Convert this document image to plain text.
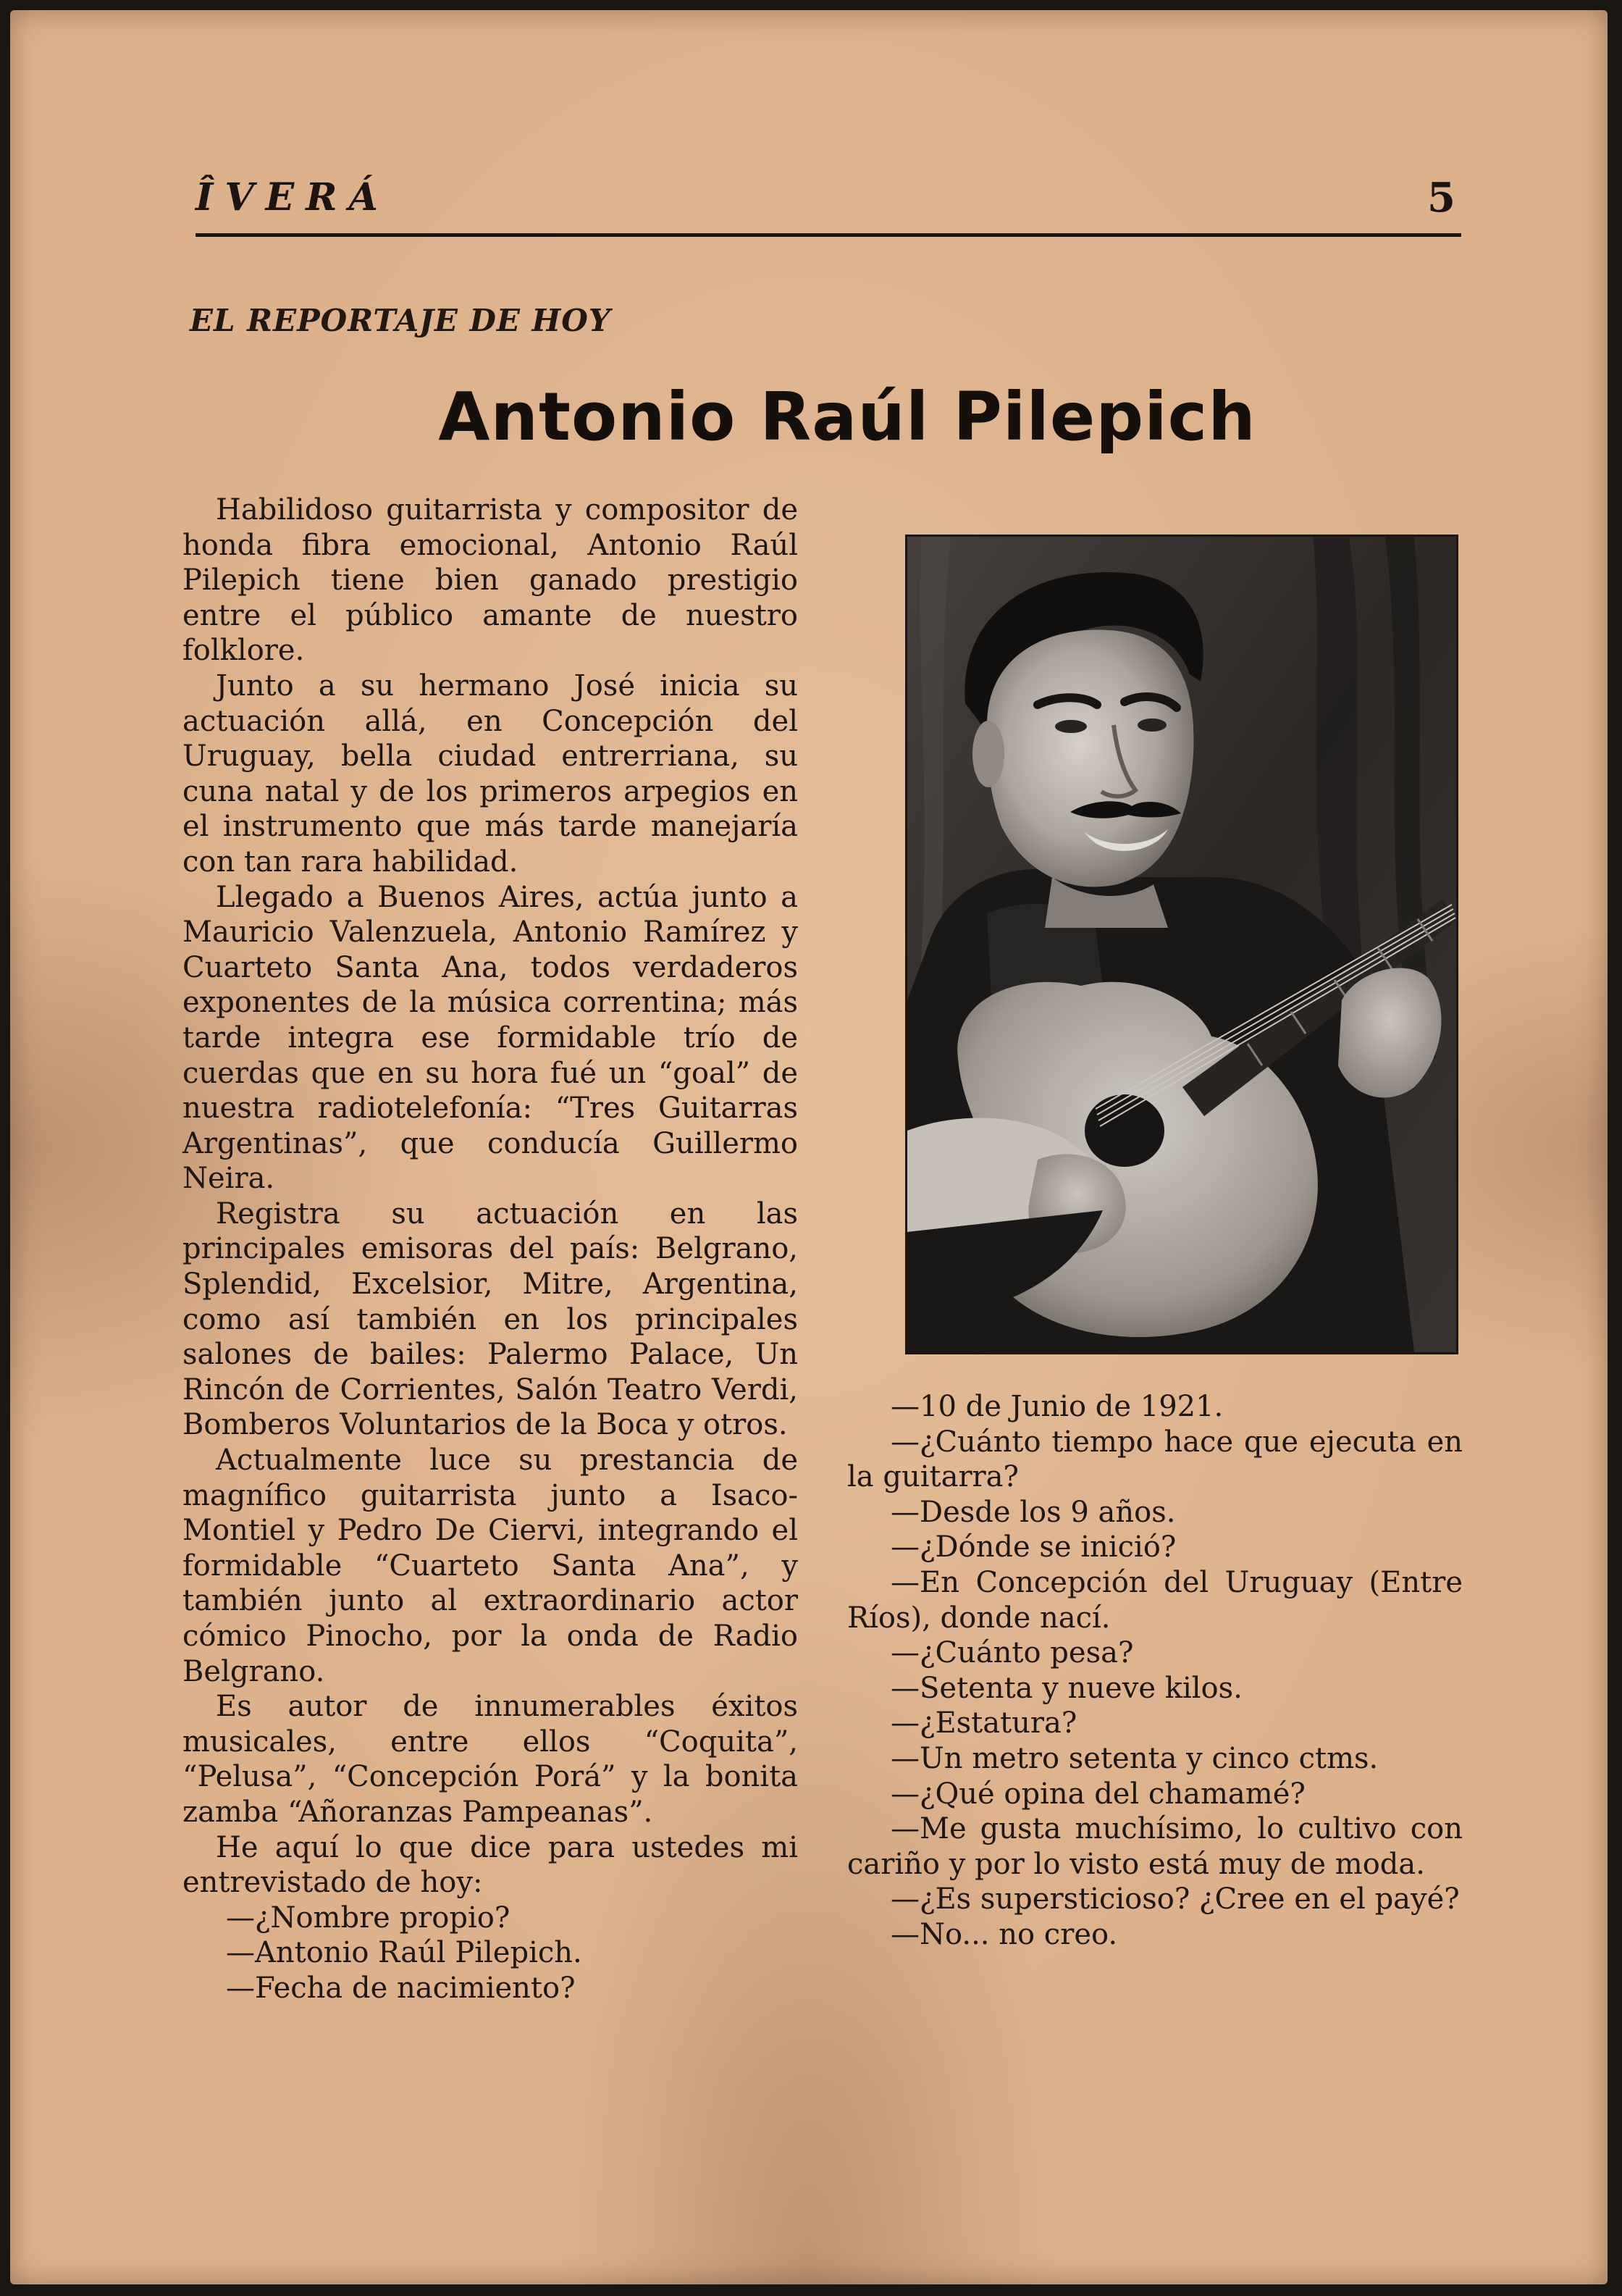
ÎVERÁ	5
EL REPORTAJE DE HOY
Antonio Raúl Pilepich

Habilidoso guitarrista y compositor de honda fibra emocional, Antonio Raúl Pilepich tiene bien ganado prestigio entre el público amante de nuestro folklore.

Junto a su hermano José inicia su actuación allá, en Concepción del Uruguay, bella ciudad entrerriana, su cuna natal y de los primeros arpegios en el instrumento que más tarde manejaría con tan rara habilidad.

Llegado a Buenos Aires, actúa junto a Mauricio Valenzuela, Antonio Ramírez y Cuarteto Santa Ana, todos verdaderos exponentes de la música correntina; más tarde integra ese formidable trío de cuerdas que en su hora fué un “goal” de nuestra radiotelefonía: “Tres Guitarras Argentinas”, que conducía Guillermo Neira.

Registra su actuación en las principales emisoras del país: Belgrano, Splendid, Excelsior, Mitre, Argentina, como así también en los principales salones de bailes: Palermo Palace, Un Rincón de Corrientes, Salón Teatro Verdi, Bomberos Voluntarios de la Boca y otros.

Actualmente luce su prestancia de magnífico guitarrista junto a Isaco-Montiel y Pedro De Ciervi, integrando el formidable “Cuarteto Santa Ana”, y también junto al extraordinario actor cómico Pinocho, por la onda de Radio Belgrano.

Es autor de innumerables éxitos musicales, entre ellos “Coquita”, “Pelusa”, “Concepción Porá” y la bonita zamba “Añoranzas Pampeanas”.

He aquí lo que dice para ustedes mi entrevistado de hoy:

—¿Nombre propio?

—Antonio Raúl Pilepich.

—Fecha de nacimiento?

—10 de Junio de 1921.

—¿Cuánto tiempo hace que ejecuta en la guitarra?

—Desde los 9 años.

—¿Dónde se inició?

—En Concepción del Uruguay (Entre Ríos), donde nací.

—¿Cuánto pesa?

—Setenta y nueve kilos.

—¿Estatura?

—Un metro setenta y cinco ctms.

—¿Qué opina del chamamé?

—Me gusta muchísimo, lo cultivo con cariño y por lo visto está muy de moda.

—¿Es supersticioso? ¿Cree en el payé?

—No... no creo.
